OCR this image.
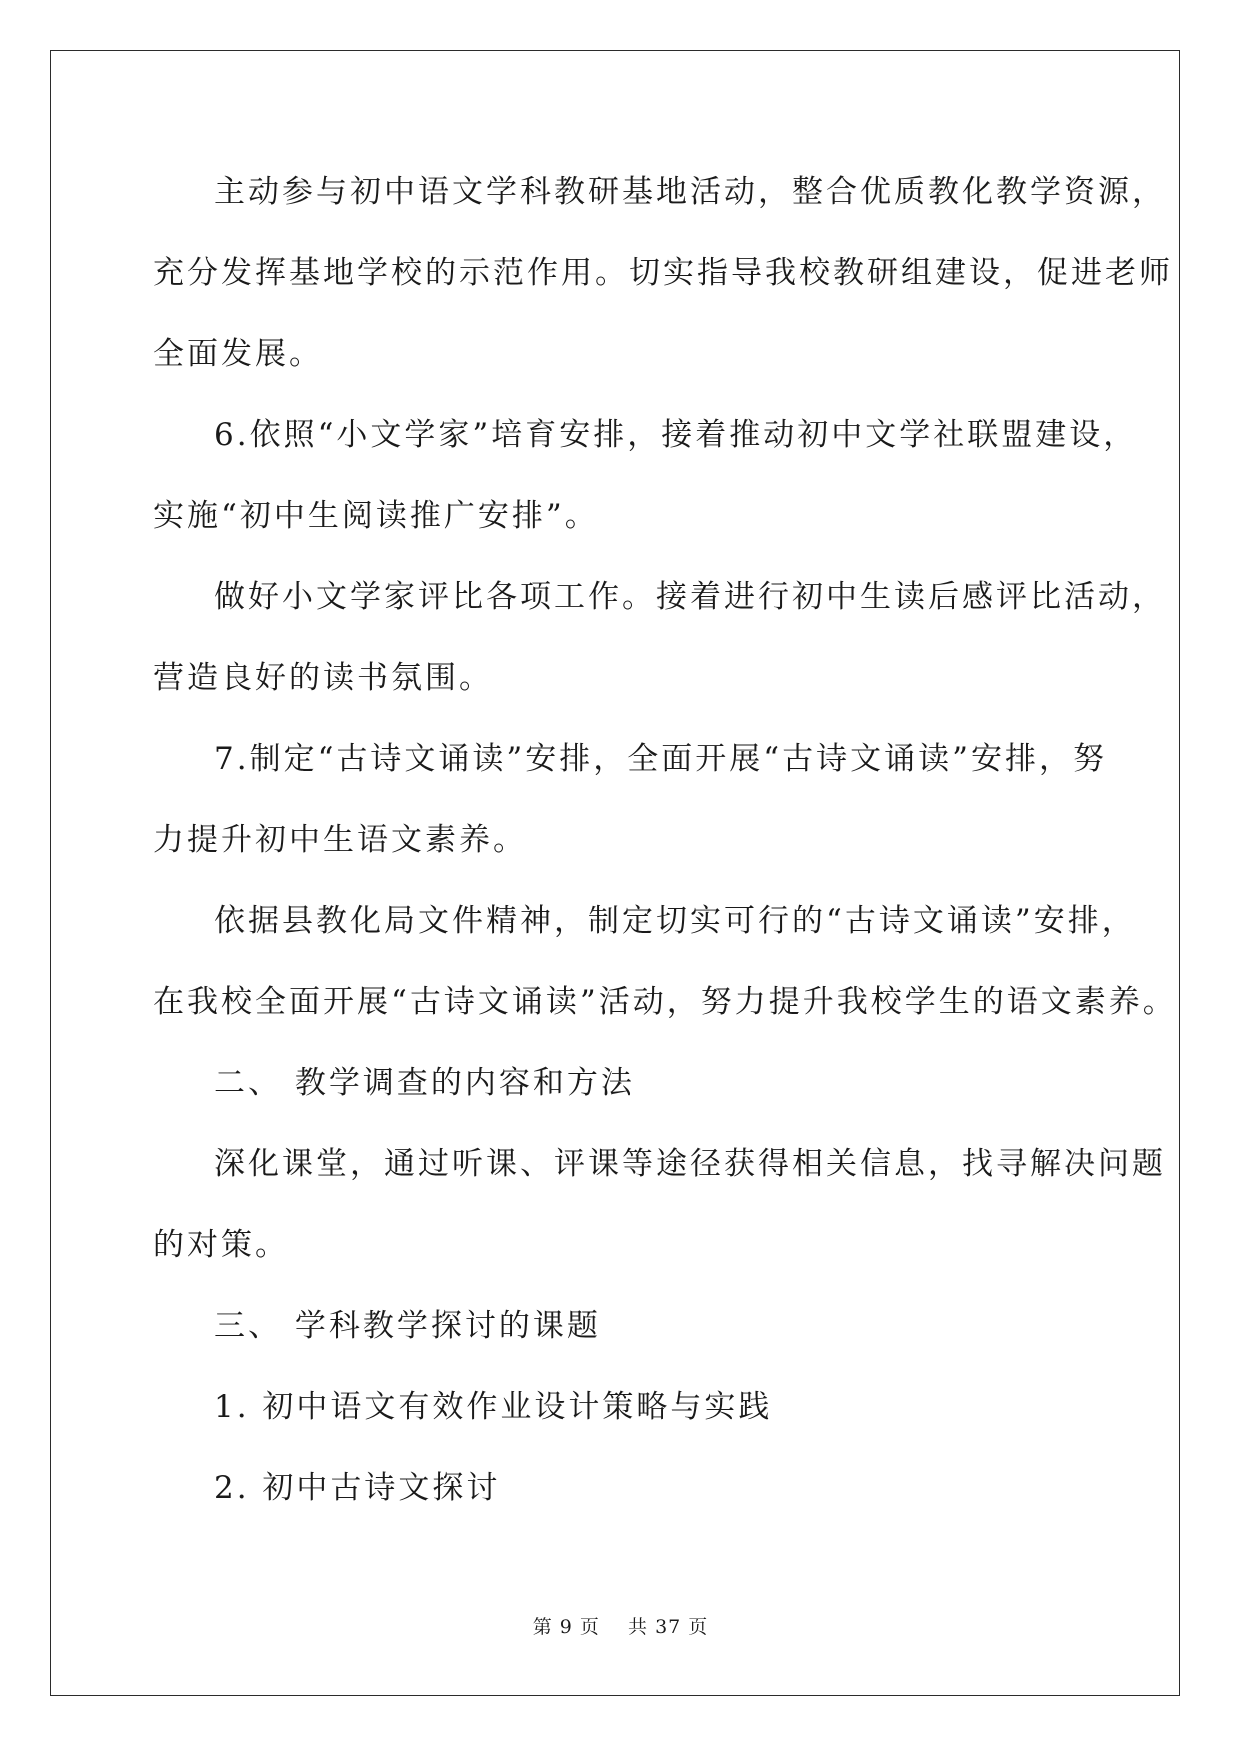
主动参与初中语文学科教研基地活动，整合优质教化教学资源，
充分发挥基地学校的示范作用。切实指导我校教研组建设，促进老师
全面发展。
6.依照“小文学家”培育安排，接着推动初中文学社联盟建设，
实施“初中生阅读推广安排”。
做好小文学家评比各项工作。接着进行初中生读后感评比活动，
营造良好的读书氛围。
7.制定“古诗文诵读”安排，全面开展“古诗文诵读”安排，努
力提升初中生语文素养。
依据县教化局文件精神，制定切实可行的“古诗文诵读”安排，
在我校全面开展“古诗文诵读”活动，努力提升我校学生的语文素养。
二、 教学调查的内容和方法
深化课堂，通过听课、评课等途径获得相关信息，找寻解决问题
的对策。
三、 学科教学探讨的课题
1. 初中语文有效作业设计策略与实践
2. 初中古诗文探讨
第 9 页 共 37 页
